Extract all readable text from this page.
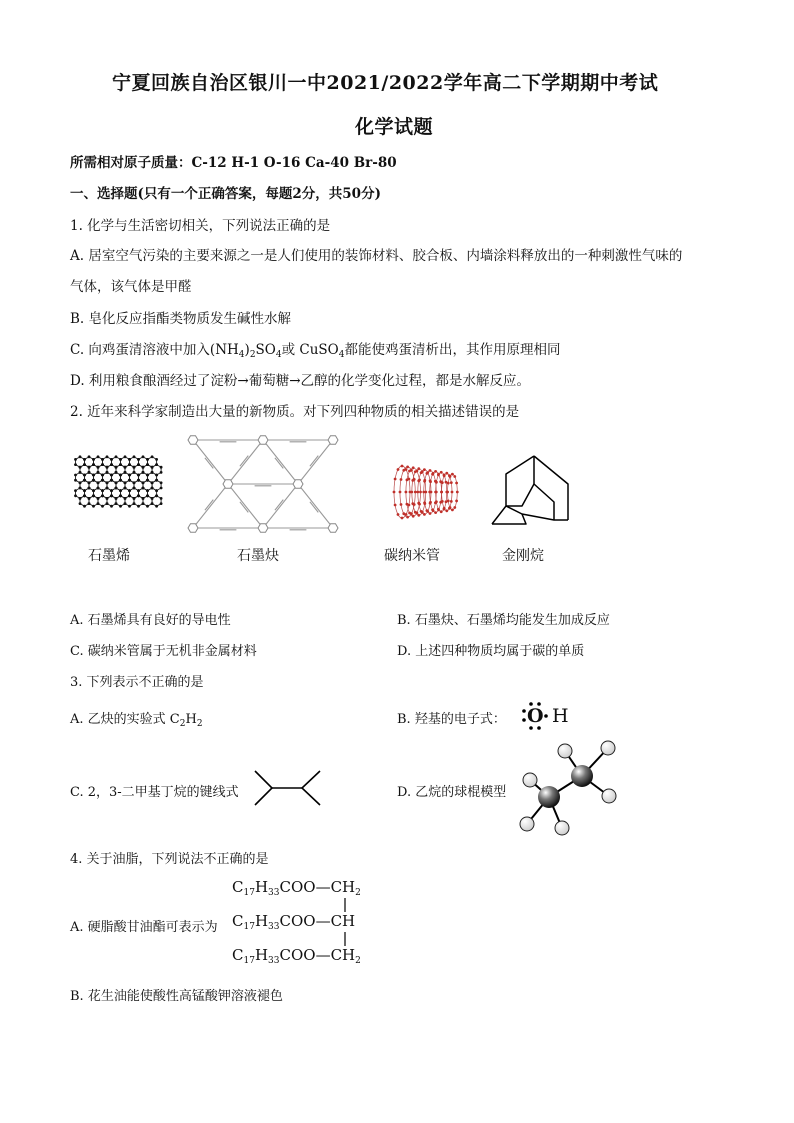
宁夏回族自治区银川一中2021/2022学年高二下学期期中考试
化学试题
所需相对原子质量：C-12 H-1 O-16 Ca-40 Br-80
一、选择题(只有一个正确答案，每题2分，共50分)
1. 化学与生活密切相关，下列说法正确的是
A. 居室空气污染的主要来源之一是人们使用的装饰材料、胶合板、内墙涂料释放出的一种刺激性气味的
气体，该气体是甲醛
B. 皂化反应指酯类物质发生碱性水解
C. 向鸡蛋清溶液中加入$(NH_4)_2SO_4$或 CuSO$_4$都能使鸡蛋清析出，其作用原理相同
D. 利用粮食酿酒经过了淀粉→葡萄糖→乙醇的化学变化过程，都是水解反应。
2. 近年来科学家制造出大量的新物质。对下列四种物质的相关描述错误的是
石墨烯	石墨炔	碳纳米管	金刚烷
A. 石墨烯具有良好的导电性	B. 石墨炔、石墨烯均能发生加成反应
C. 碳纳米管属于无机非金属材料	D. 上述四种物质均属于碳的单质
3. 下列表示不正确的是
A. 乙炔的实验式 $C_2H_2$	B. 羟基的电子式： O H
C. 2，3-二甲基丁烷的键线式	D. 乙烷的球棍模型
4. 关于油脂，下列说法不正确的是
A. 硬脂酸甘油酯可表示为
$C_{17}H_{33}COO—CH_2$
$C_{17}H_{33}COO—CH$
$C_{17}H_{33}COO—CH_2$
B. 花生油能使酸性高锰酸钾溶液褪色
